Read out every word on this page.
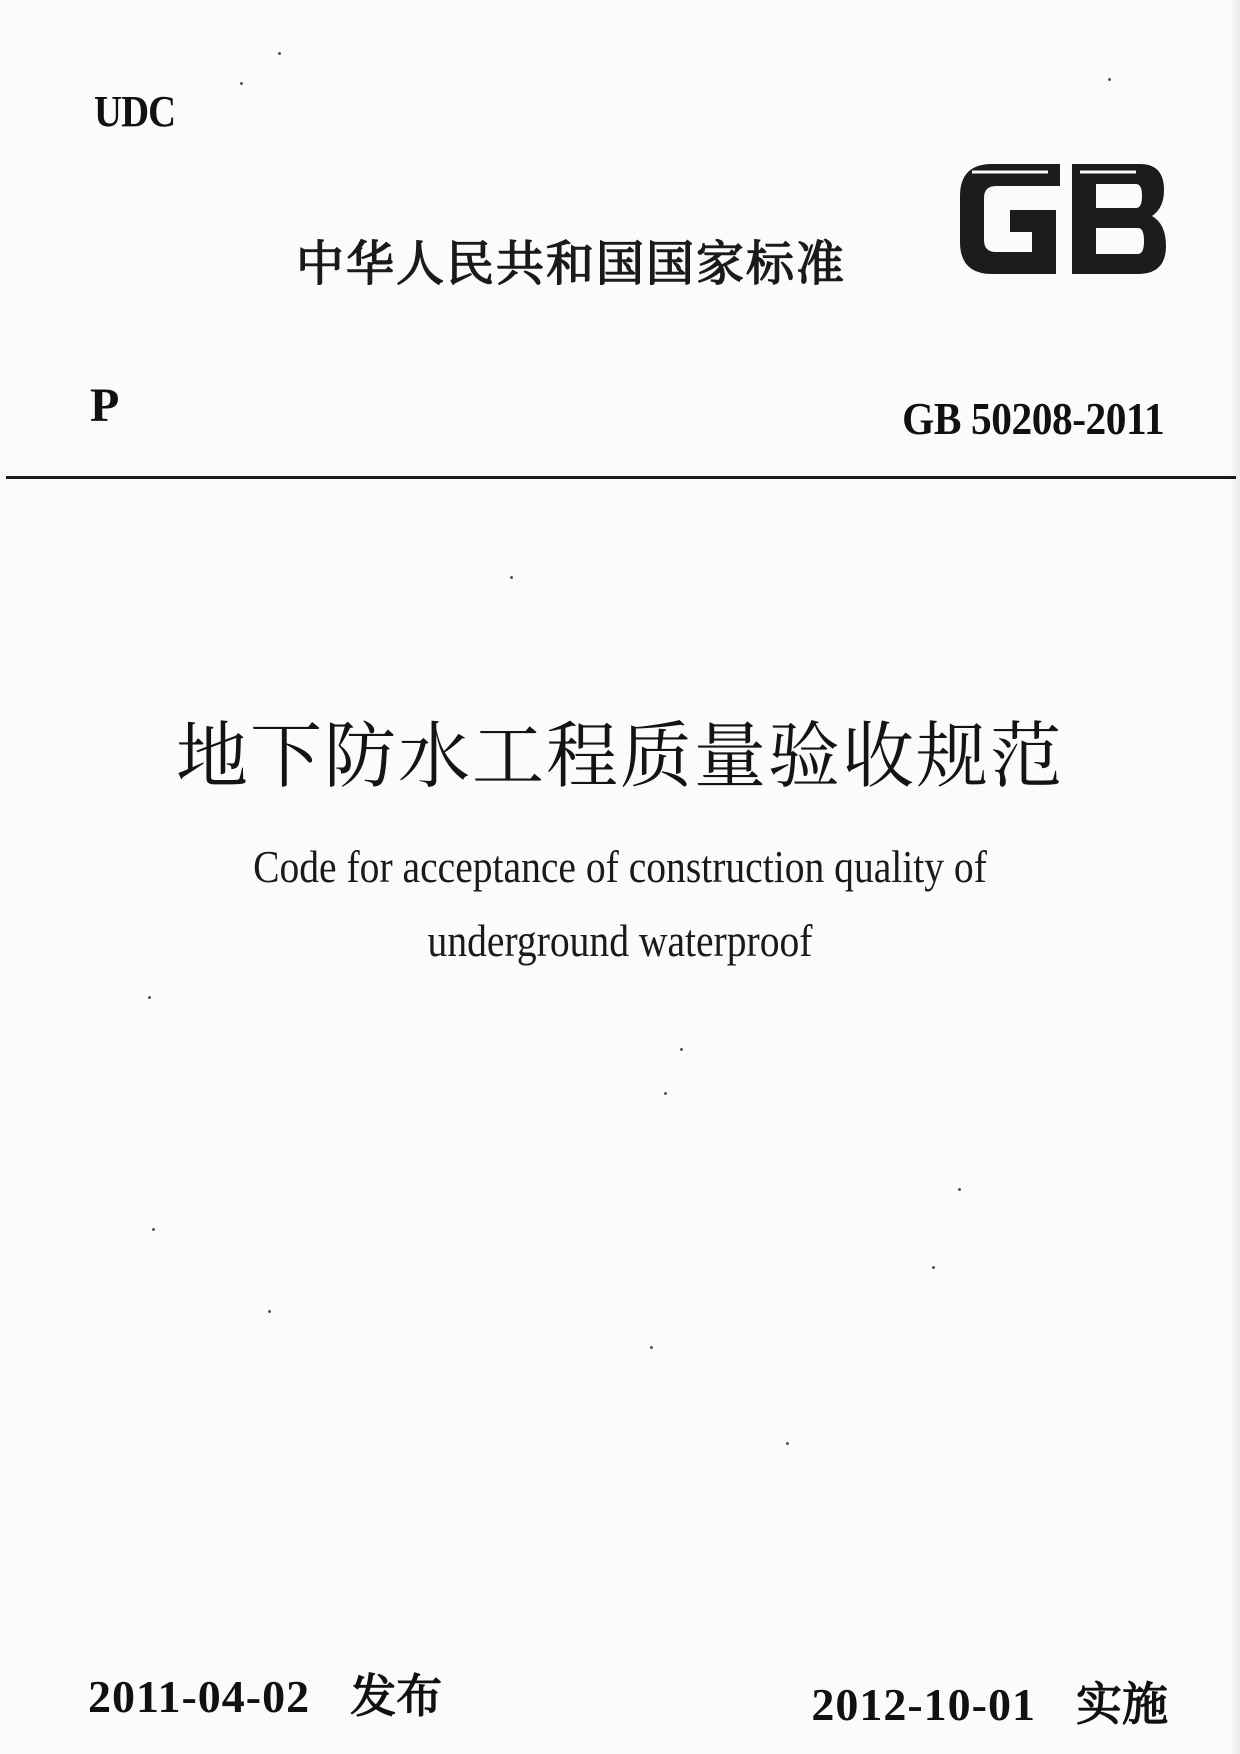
UDC
中华人民共和国国家标准
P	GB 50208-2011
地下防水工程质量验收规范
Code for acceptance of construction quality of
underground waterproof
2011-04-02 发布	2012-10-01 实施
